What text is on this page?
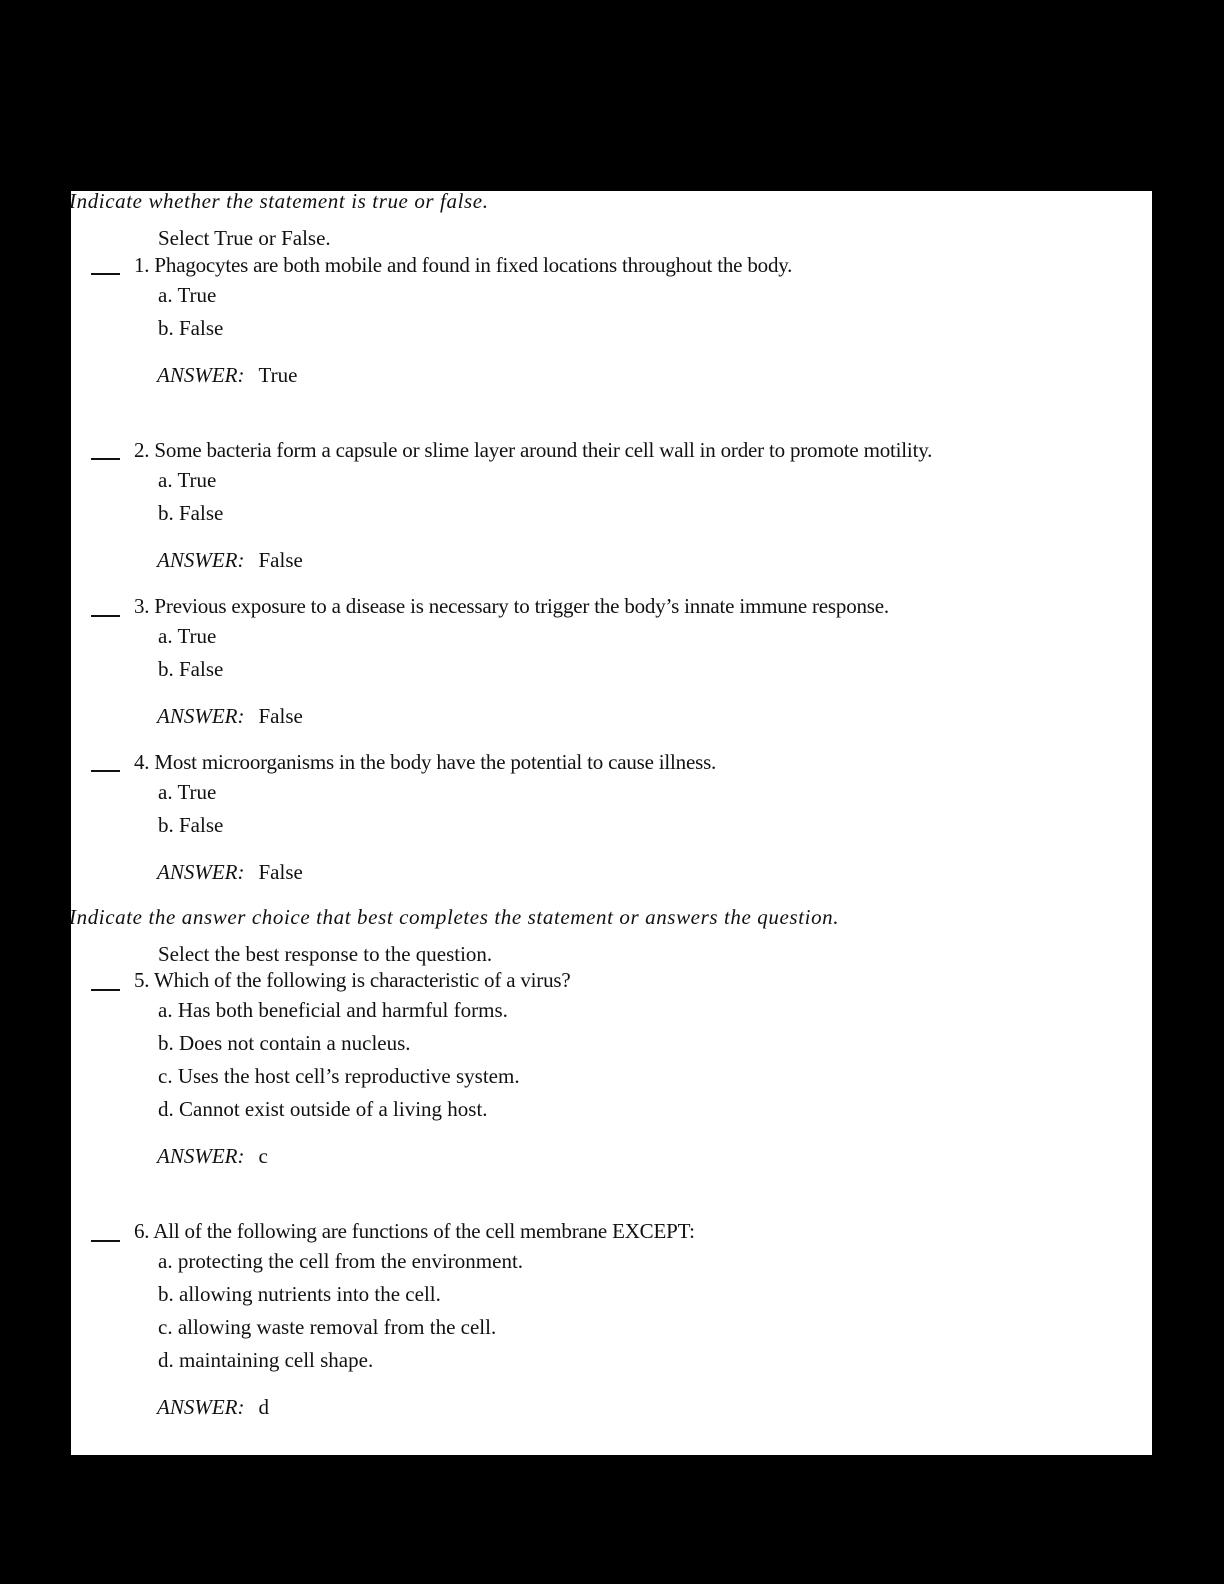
Indicate whether the statement is true or false.
Select True or False.
1. Phagocytes are both mobile and found in fixed locations throughout the body.
a. True
b. False
ANSWER: True
2. Some bacteria form a capsule or slime layer around their cell wall in order to promote motility.
a. True
b. False
ANSWER: False
3. Previous exposure to a disease is necessary to trigger the body’s innate immune response.
a. True
b. False
ANSWER: False
4. Most microorganisms in the body have the potential to cause illness.
a. True
b. False
ANSWER: False
Indicate the answer choice that best completes the statement or answers the question.
Select the best response to the question.
5. Which of the following is characteristic of a virus?
a. Has both beneficial and harmful forms.
b. Does not contain a nucleus.
c. Uses the host cell’s reproductive system.
d. Cannot exist outside of a living host.
ANSWER: c
6. All of the following are functions of the cell membrane EXCEPT:
a. protecting the cell from the environment.
b. allowing nutrients into the cell.
c. allowing waste removal from the cell.
d. maintaining cell shape.
ANSWER: d
